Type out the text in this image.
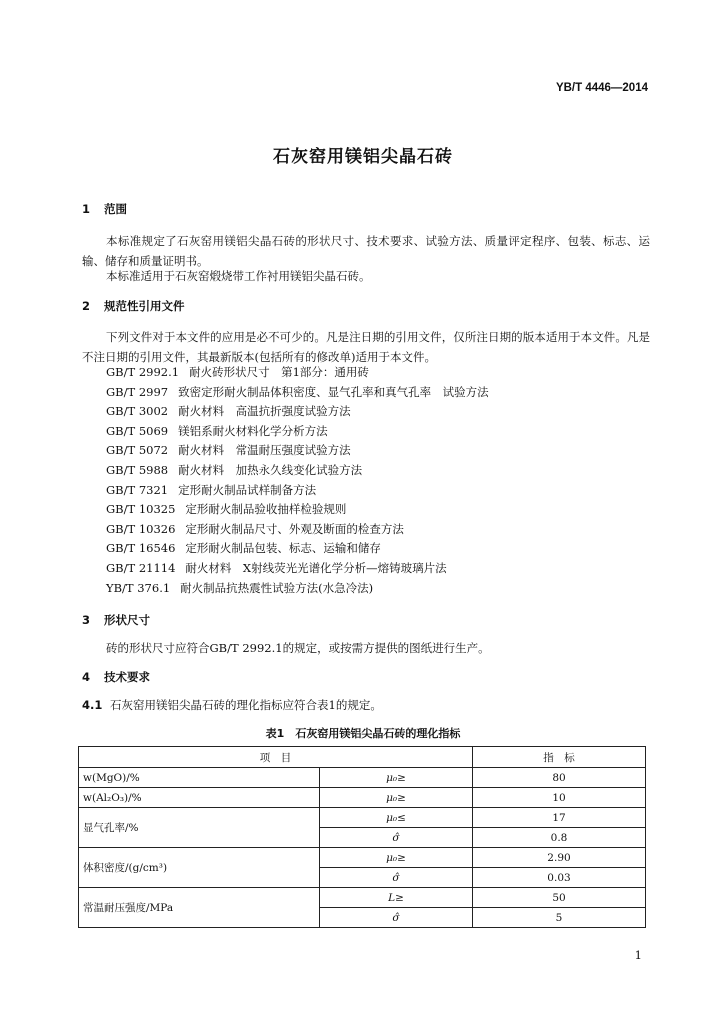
YB/T 4446—2014
石灰窑用镁铝尖晶石砖
1 范围
本标准规定了石灰窑用镁铝尖晶石砖的形状尺寸、技术要求、试验方法、质量评定程序、包装、标志、运输、储存和质量证明书。
本标准适用于石灰窑煅烧带工作衬用镁铝尖晶石砖。
2 规范性引用文件
下列文件对于本文件的应用是必不可少的。凡是注日期的引用文件，仅所注日期的版本适用于本文件。凡是不注日期的引用文件，其最新版本(包括所有的修改单)适用于本文件。
GB/T 2992.1 耐火砖形状尺寸　第1部分：通用砖
GB/T 2997 致密定形耐火制品体积密度、显气孔率和真气孔率　试验方法
GB/T 3002 耐火材料　高温抗折强度试验方法
GB/T 5069 镁铝系耐火材料化学分析方法
GB/T 5072 耐火材料　常温耐压强度试验方法
GB/T 5988 耐火材料　加热永久线变化试验方法
GB/T 7321 定形耐火制品试样制备方法
GB/T 10325 定形耐火制品验收抽样检验规则
GB/T 10326 定形耐火制品尺寸、外观及断面的检查方法
GB/T 16546 定形耐火制品包装、标志、运输和储存
GB/T 21114 耐火材料　X射线荧光光谱化学分析—熔铸玻璃片法
YB/T 376.1 耐火制品抗热震性试验方法(水急冷法)
3 形状尺寸
砖的形状尺寸应符合GB/T 2992.1的规定，或按需方提供的图纸进行生产。
4 技术要求
4.1 石灰窑用镁铝尖晶石砖的理化指标应符合表1的规定。
表1　石灰窑用镁铝尖晶石砖的理化指标
项　目		指　标
w(MgO)/%	μ₀≥	80
w(Al₂O₃)/%	μ₀≥	10
显气孔率/%	μ₀≤	17
	σ̂	0.8
体积密度/(g/cm³)	μ₀≥	2.90
	σ̂	0.03
常温耐压强度/MPa	L≥	50
	σ̂	5
1
